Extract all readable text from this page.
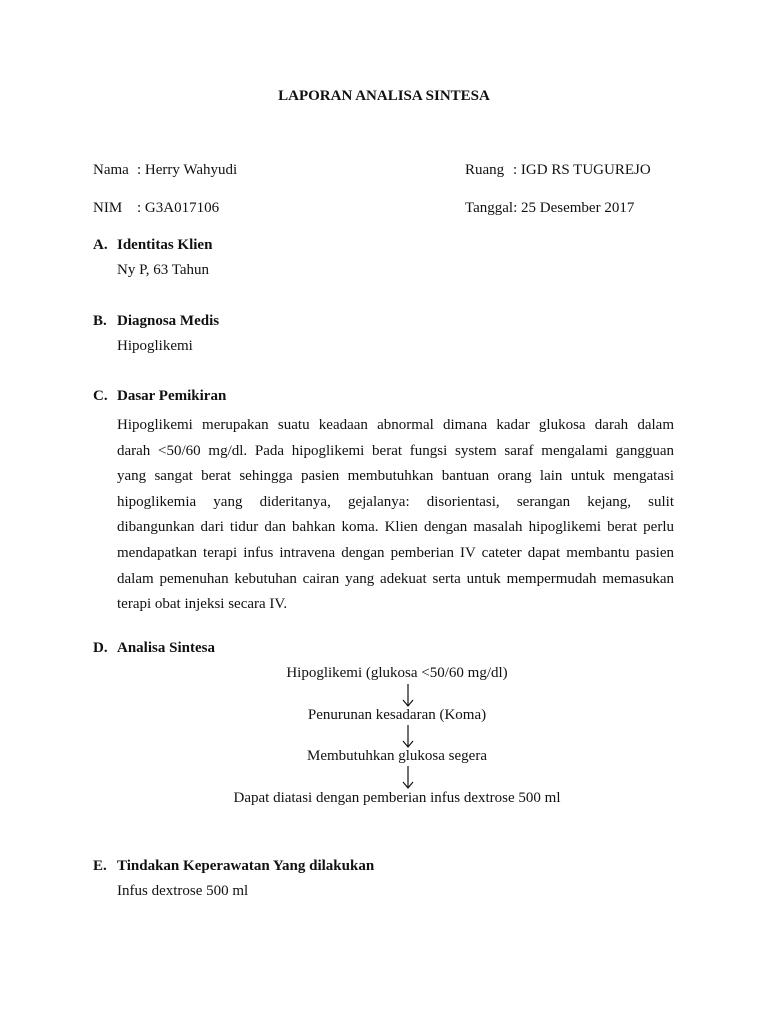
LAPORAN ANALISA SINTESA
Nama : Herry Wahyudi
NIM : G3A017106
Ruang : IGD RS TUGUREJO
Tanggal: 25 Desember 2017
A. Identitas Klien
Ny P, 63 Tahun
B. Diagnosa Medis
Hipoglikemi
C. Dasar Pemikiran
Hipoglikemi merupakan suatu keadaan abnormal dimana kadar glukosa darah dalam
darah <50/60 mg/dl. Pada hipoglikemi berat fungsi system saraf mengalami gangguan
yang sangat berat sehingga pasien membutuhkan bantuan orang lain untuk mengatasi
hipoglikemia yang dideritanya, gejalanya: disorientasi, serangan kejang, sulit
dibangunkan dari tidur dan bahkan koma. Klien dengan masalah hipoglikemi berat perlu
mendapatkan terapi infus intravena dengan pemberian IV cateter dapat membantu pasien
dalam pemenuhan kebutuhan cairan yang adekuat serta untuk mempermudah memasukan
terapi obat injeksi secara IV.
D. Analisa Sintesa
Hipoglikemi (glukosa <50/60 mg/dl)
Penurunan kesadaran (Koma)
Membutuhkan glukosa segera
Dapat diatasi dengan pemberian infus dextrose 500 ml
E. Tindakan Keperawatan Yang dilakukan
Infus dextrose 500 ml
